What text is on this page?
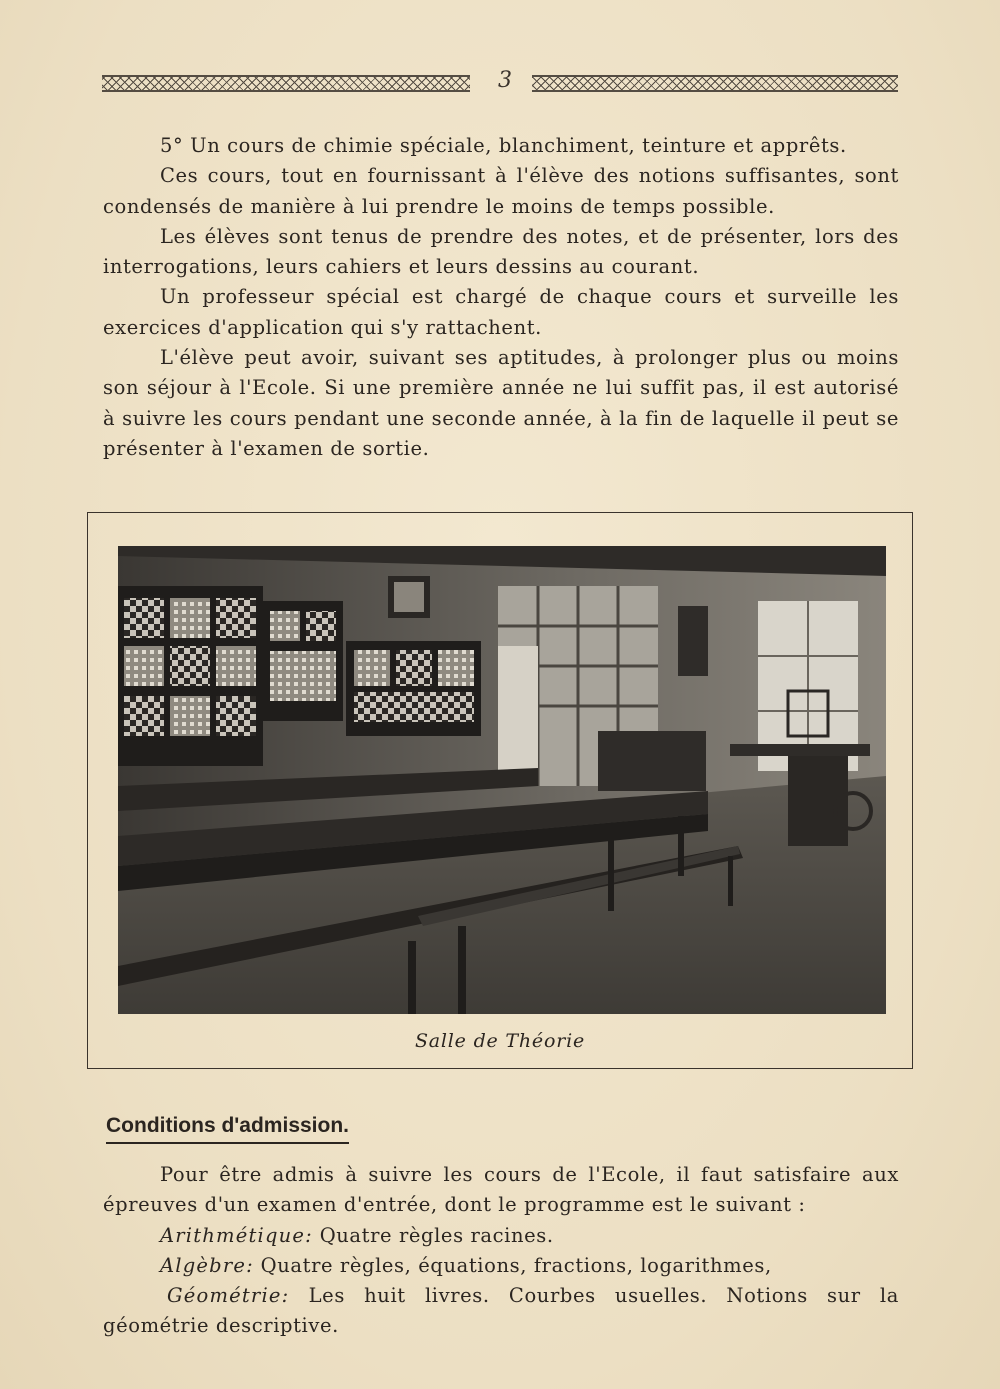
3

5° Un cours de chimie spéciale, blanchiment, teinture et apprêts.

Ces cours, tout en fournissant à l'élève des notions suffisantes, sont condensés de manière à lui prendre le moins de temps possible.

Les élèves sont tenus de prendre des notes, et de présenter, lors des interrogations, leurs cahiers et leurs dessins au courant.

Un professeur spécial est chargé de chaque cours et surveille les exercices d'application qui s'y rattachent.

L'élève peut avoir, suivant ses aptitudes, à prolonger plus ou moins son séjour à l'Ecole. Si une première année ne lui suffit pas, il est autorisé à suivre les cours pendant une seconde année, à la fin de laquelle il peut se présenter à l'examen de sortie.

Salle de Théorie
Conditions d'admission.

Pour être admis à suivre les cours de l'Ecole, il faut satisfaire aux épreuves d'un examen d'entrée, dont le programme est le suivant :

Arithmétique: Quatre règles racines.

Algèbre: Quatre règles, équations, fractions, logarithmes,

Géométrie: Les huit livres. Courbes usuelles. Notions sur la géométrie descriptive.
